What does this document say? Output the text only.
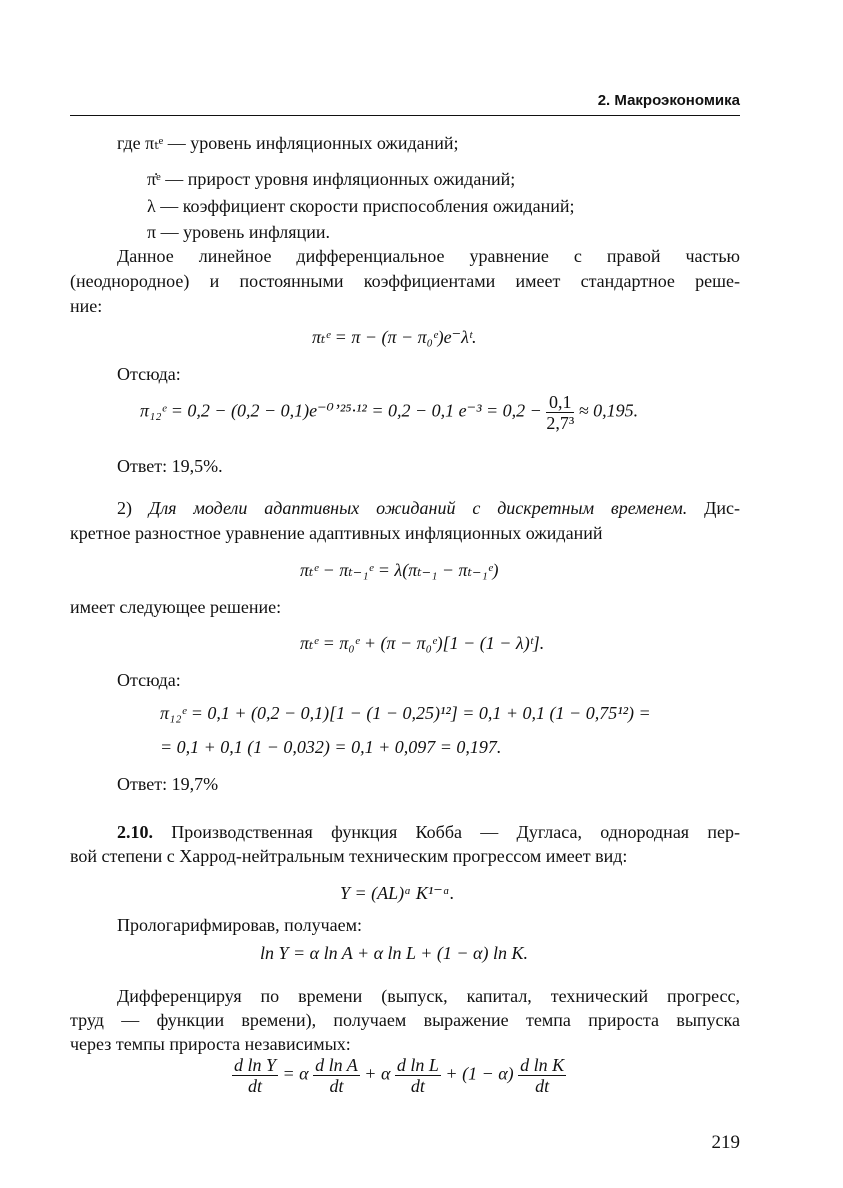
2. Макроэкономика
где πₜᵉ — уровень инфляционных ожиданий;
π̇ᵉ — прирост уровня инфляционных ожиданий;
λ — коэффициент скорости приспособления ожиданий;
π — уровень инфляции.
Данное линейное дифференциальное уравнение с правой частью
(неоднородное) и постоянными коэффициентами имеет стандартное реше-
ние:
πₜᵉ = π − (π − π₀ᵉ)e⁻λᵗ.
Отсюда:
π₁₂ᵉ = 0,2 − (0,2 − 0,1)e⁻⁰ʼ²⁵·¹² = 0,2 − 0,1 $e^{-3} = 0,2 - \frac{0,1}{\text{2,7³}} \approx 0,195$.
Ответ: 19,5%.
2) Для модели адаптивных ожиданий с дискретным временем. Дис-
кретное разностное уравнение адаптивных инфляционных ожиданий
πₜᵉ − πₜ₋₁ᵉ = λ(πₜ₋₁ − πₜ₋₁ᵉ)
имеет следующее решение:
πₜᵉ = π₀ᵉ + (π − π₀ᵉ)[1 − (1 − λ)ᵗ].
Отсюда:
π₁₂ᵉ = 0,1 + (0,2 − 0,1)[1 − (1 − 0,25)¹²] = 0,1 + 0,1 (1 − 0,75¹²) =
= 0,1 + 0,1 (1 − 0,032) = 0,1 + 0,097 = 0,197.
Ответ: 19,7%
2.10. Производственная функция Кобба — Дугласа, однородная пер-
вой степени с Харрод-нейтральным техническим прогрессом имеет вид:
Y = (AL)ᵅ K¹⁻ᵅ.
Прологарифмировав, получаем:
ln Y = α ln A + α ln L + (1 − α) ln K.
Дифференцируя по времени (выпуск, капитал, технический прогресс,
труд — функции времени), получаем выражение темпа прироста выпуска
через темпы прироста независимых:
$\frac{\text{d ln Y}}{dt} = \alpha \frac{\text{d ln A}}{dt} + \alpha \frac{\text{d ln L}}{dt} + (1 - \alpha) \frac{\text{d ln K}}{dt}$
219
